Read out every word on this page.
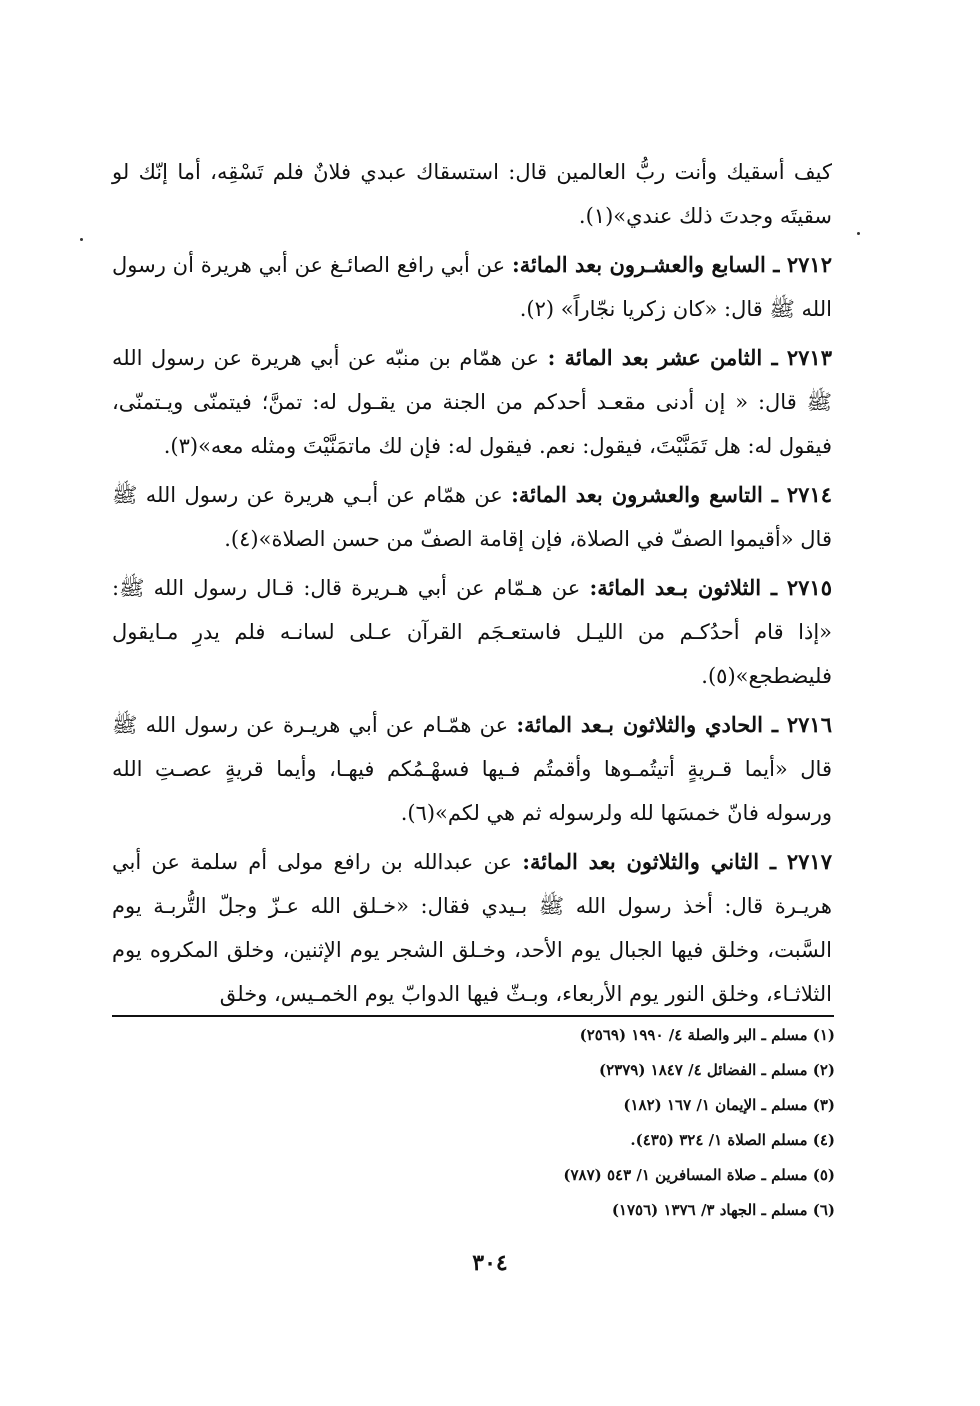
كيف أسقيك وأنت ربُّ العالمين قال: استسقاك عبدي فلانٌ فلم تَسْقِه، أما إنّك لو سقيتَه وجدتَ ذلك عندي»(١).

٢٧١٢ ـ السابع والعشـرون بعد المائة: عن أبي رافع الصائـغ عن أبي هريرة أن رسول الله ﷺ قال: «كان زكريا نجّاراً» (٢).

٢٧١٣ ـ الثامن عشر بعد المائة : عن همّام بن منبّه عن أبي هريرة عن رسول الله ﷺ قال: « إن أدنى مقعـد أحدكم من الجنة من يقـول له: تمنَّ؛ فيتمنّى ويـتمنّى، فيقول له: هل تَمَنَّيْتَ، فيقول: نعم. فيقول له: فإن لك ماتمَنَّيْتَ ومثله معه»(٣).

٢٧١٤ ـ التاسع والعشرون بعد المائة: عن همّام عن أبـي هريرة عن رسول الله ﷺ قال «أقيموا الصفّ في الصلاة، فإن إقامة الصفّ من حسن الصلاة»(٤).

٢٧١٥ ـ الثلاثون بـعد المائة: عن هـمّام عن أبي هـريرة قال: قـال رسول الله ﷺ: «إذا قام أحدُكـم من الليـل فاستعـجَم القرآن عـلى لسانـه فلم يدرِ مـايقول فليضطجع»(٥).

٢٧١٦ ـ الحادي والثلاثون بـعد المائة: عن همّـام عن أبي هريـرة عن رسول الله ﷺ قال «أيما قـريةٍ أتيتُمـوها وأقمتُم فـيها فسهْـمُكم فيهـا، وأيما قريةٍ عصـتِ الله ورسوله فانّ خمسَها لله ولرسوله ثم هي لكم»(٦).

٢٧١٧ ـ الثاني والثلاثون بعد المائة: عن عبدالله بن رافع مولى أم سلمة عن أبي هريـرة قال: أخذ رسول الله ﷺ بـيدي فقال: «خـلق الله عـزّ وجلّ التُّربـة يوم السَّبت، وخلق فيها الجبال يوم الأحد، وخـلق الشجر يوم الإثنين، وخلق المكروه يوم الثلاثـاء، وخلق النور يوم الأربعاء، وبـثّ فيها الدوابّ يوم الخمـيس، وخلق

(١) مسلم ـ البر والصلة ٤/ ١٩٩٠ (٢٥٦٩)
(٢) مسلم ـ الفضائل ٤/ ١٨٤٧ (٢٣٧٩)
(٣) مسلم ـ الإيمان ١/ ١٦٧ (١٨٢)
(٤) مسلم الصلاة ١/ ٣٢٤ (٤٣٥).
(٥) مسلم ـ صلاة المسافرين ١/ ٥٤٣ (٧٨٧)
(٦) مسلم ـ الجهاد ٣/ ١٣٧٦ (١٧٥٦)
٣٠٤
